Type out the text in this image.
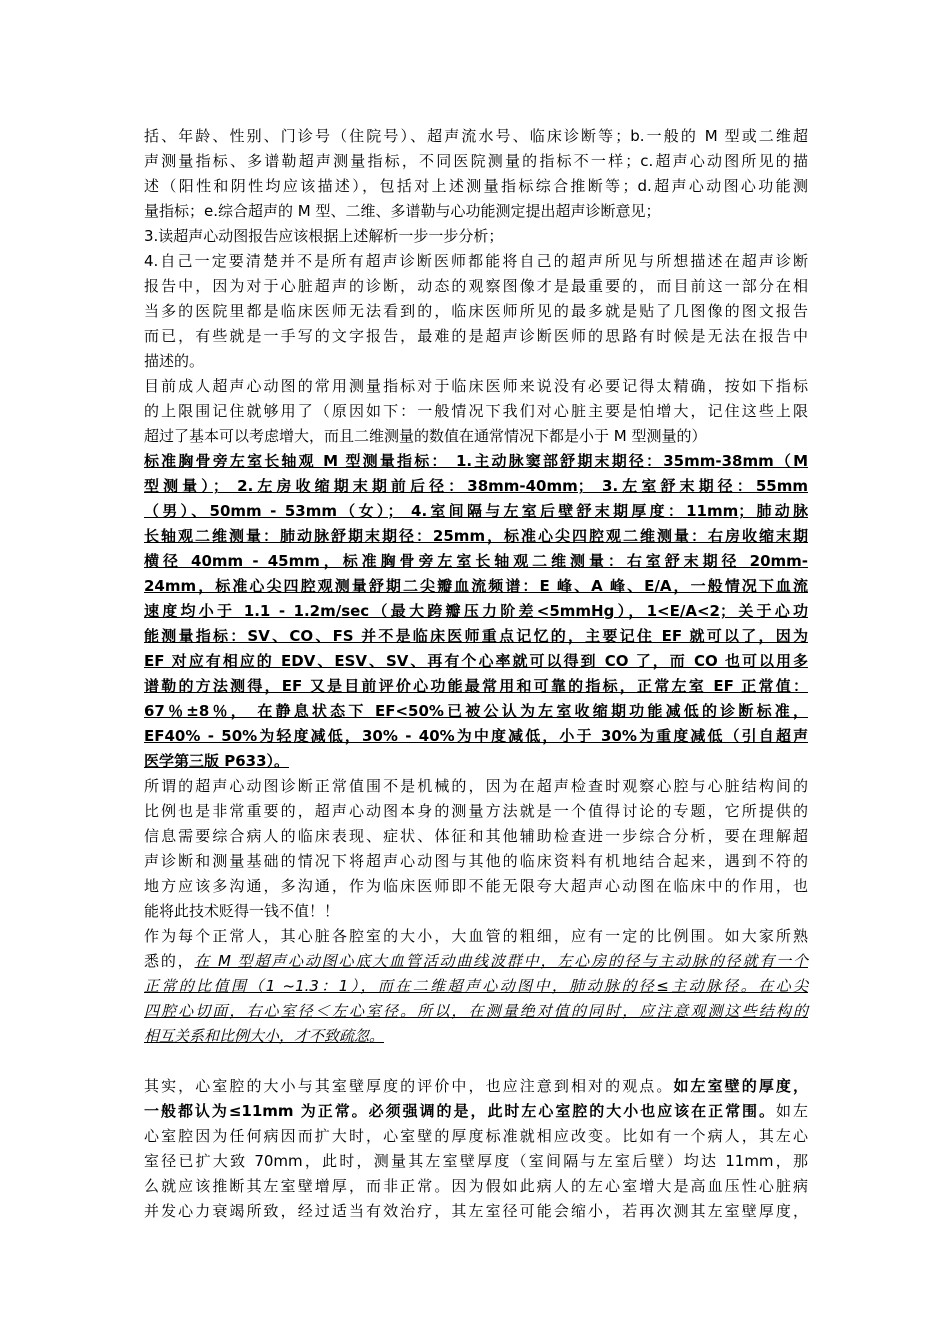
括、年龄、性别、门诊号（住院号）、超声流水号、临床诊断等；b.一般的 M 型或二维超
声测量指标、多谱勒超声测量指标，不同医院测量的指标不一样；c.超声心动图所见的描
述（阳性和阴性均应该描述），包括对上述测量指标综合推断等；d.超声心动图心功能测
量指标；e.综合超声的 M 型、二维、多谱勒与心功能测定提出超声诊断意见；
3.读超声心动图报告应该根据上述解析一步一步分析；
4.自己一定要清楚并不是所有超声诊断医师都能将自己的超声所见与所想描述在超声诊断
报告中，因为对于心脏超声的诊断，动态的观察图像才是最重要的，而目前这一部分在相
当多的医院里都是临床医师无法看到的，临床医师所见的最多就是贴了几图像的图文报告
而已，有些就是一手写的文字报告，最难的是超声诊断医师的思路有时候是无法在报告中
描述的。
目前成人超声心动图的常用测量指标对于临床医师来说没有必要记得太精确，按如下指标
的上限围记住就够用了（原因如下：一般情况下我们对心脏主要是怕增大，记住这些上限
超过了基本可以考虑增大，而且二维测量的数值在通常情况下都是小于 M 型测量的）
标准胸骨旁左室长轴观 M 型测量指标： 1.主动脉窦部舒期末期径：35mm-38mm（M
型测量）； 2.左房收缩期末期前后径：38mm-40mm； 3.左室舒末期径：55mm
（男）、50mm - 53mm（女）； 4.室间隔与左室后壁舒末期厚度：11mm；肺动脉
长轴观二维测量：肺动脉舒期末期径：25mm，标准心尖四腔观二维测量：右房收缩末期
横径 40mm - 45mm，标准胸骨旁左室长轴观二维测量：右室舒末期径 20mm-
24mm，标准心尖四腔观测量舒期二尖瓣血流频谱：E 峰、A 峰、E/A，一般情况下血流
速度均小于 1.1 - 1.2m/sec（最大跨瓣压力阶差<5mmHg），1<E/A<2；关于心功
能测量指标：SV、CO、FS 并不是临床医师重点记忆的，主要记住 EF 就可以了，因为
EF 对应有相应的 EDV、ESV、SV、再有个心率就可以得到 CO 了，而 CO 也可以用多
谱勒的方法测得，EF 又是目前评价心功能最常用和可靠的指标，正常左室 EF 正常值：
67％±8％， 在静息状态下 EF<50%已被公认为左室收缩期功能减低的诊断标准，
EF40% - 50%为轻度减低，30% - 40%为中度减低，小于 30%为重度减低（引自超声
医学第三版 P633）。
所谓的超声心动图诊断正常值围不是机械的，因为在超声检查时观察心腔与心脏结构间的
比例也是非常重要的，超声心动图本身的测量方法就是一个值得讨论的专题，它所提供的
信息需要综合病人的临床表现、症状、体征和其他辅助检查进一步综合分析，要在理解超
声诊断和测量基础的情况下将超声心动图与其他的临床资料有机地结合起来，遇到不符的
地方应该多沟通，多沟通，作为临床医师即不能无限夸大超声心动图在临床中的作用，也
能将此技术贬得一钱不值！！
作为每个正常人，其心脏各腔室的大小，大血管的粗细，应有一定的比例围。如大家所熟
悉的，在 M 型超声心动图心底大血管活动曲线波群中，左心房的径与主动脉的径就有一个
正常的比值围（1 ~1.3：1），而在二维超声心动图中，肺动脉的径≤主动脉径。在心尖
四腔心切面，右心室径＜左心室径。所以，在测量绝对值的同时，应注意观测这些结构的
相互关系和比例大小，才不致疏忽。
其实，心室腔的大小与其室壁厚度的评价中，也应注意到相对的观点。如左室壁的厚度，
一般都认为≤11mm 为正常。必须强调的是，此时左心室腔的大小也应该在正常围。如左
心室腔因为任何病因而扩大时，心室壁的厚度标准就相应改变。比如有一个病人，其左心
室径已扩大致 70mm，此时，测量其左室壁厚度（室间隔与左室后壁）均达 11mm，那
么就应该推断其左室壁增厚，而非正常。因为假如此病人的左心室增大是高血压性心脏病
并发心力衰竭所致，经过适当有效治疗，其左室径可能会缩小，若再次测其左室壁厚度，
